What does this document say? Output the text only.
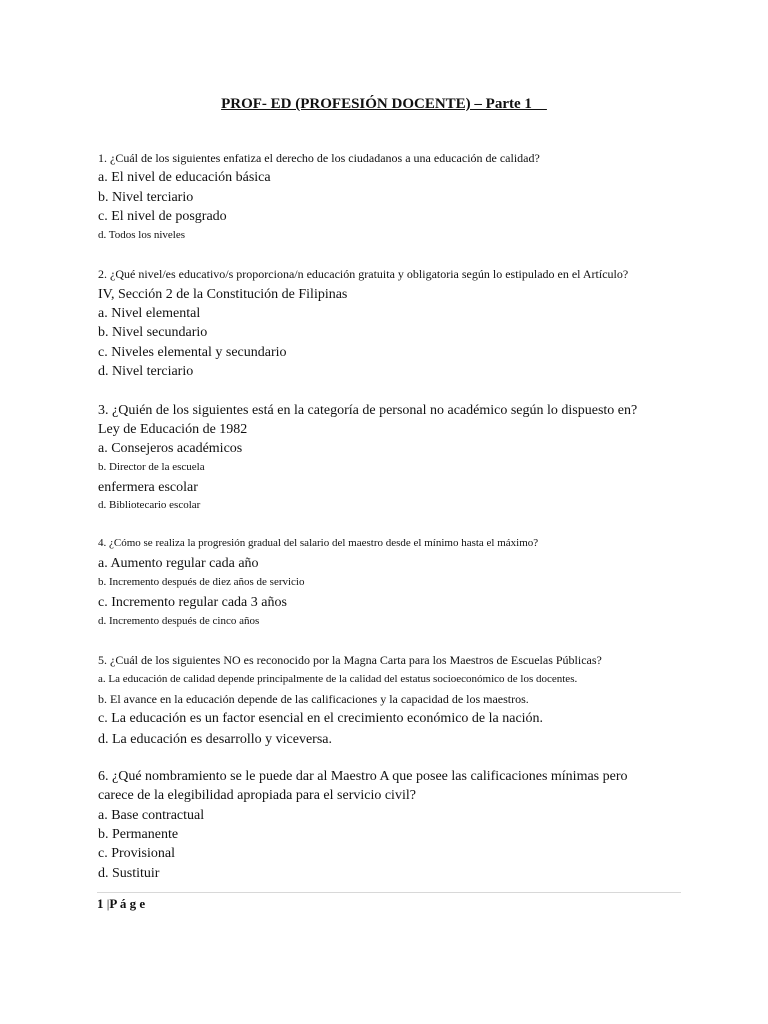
PROF- ED (PROFESIÓN DOCENTE) – Parte 1
1. ¿Cuál de los siguientes enfatiza el derecho de los ciudadanos a una educación de calidad?
a. El nivel de educación básica
b. Nivel terciario
c. El nivel de posgrado
d. Todos los niveles
2. ¿Qué nivel/es educativo/s proporciona/n educación gratuita y obligatoria según lo estipulado en el Artículo?
IV, Sección 2 de la Constitución de Filipinas
a. Nivel elemental
b. Nivel secundario
c. Niveles elemental y secundario
d. Nivel terciario
3. ¿Quién de los siguientes está en la categoría de personal no académico según lo dispuesto en?
Ley de Educación de 1982
a. Consejeros académicos
b. Director de la escuela
enfermera escolar
d. Bibliotecario escolar
4. ¿Cómo se realiza la progresión gradual del salario del maestro desde el mínimo hasta el máximo?
a. Aumento regular cada año
b. Incremento después de diez años de servicio
c. Incremento regular cada 3 años
d. Incremento después de cinco años
5. ¿Cuál de los siguientes NO es reconocido por la Magna Carta para los Maestros de Escuelas Públicas?
a. La educación de calidad depende principalmente de la calidad del estatus socioeconómico de los docentes.
b. El avance en la educación depende de las calificaciones y la capacidad de los maestros.
c. La educación es un factor esencial en el crecimiento económico de la nación.
d. La educación es desarrollo y viceversa.
6. ¿Qué nombramiento se le puede dar al Maestro A que posee las calificaciones mínimas pero
carece de la elegibilidad apropiada para el servicio civil?
a. Base contractual
b. Permanente
c. Provisional
d. Sustituir
1 |P á g e
